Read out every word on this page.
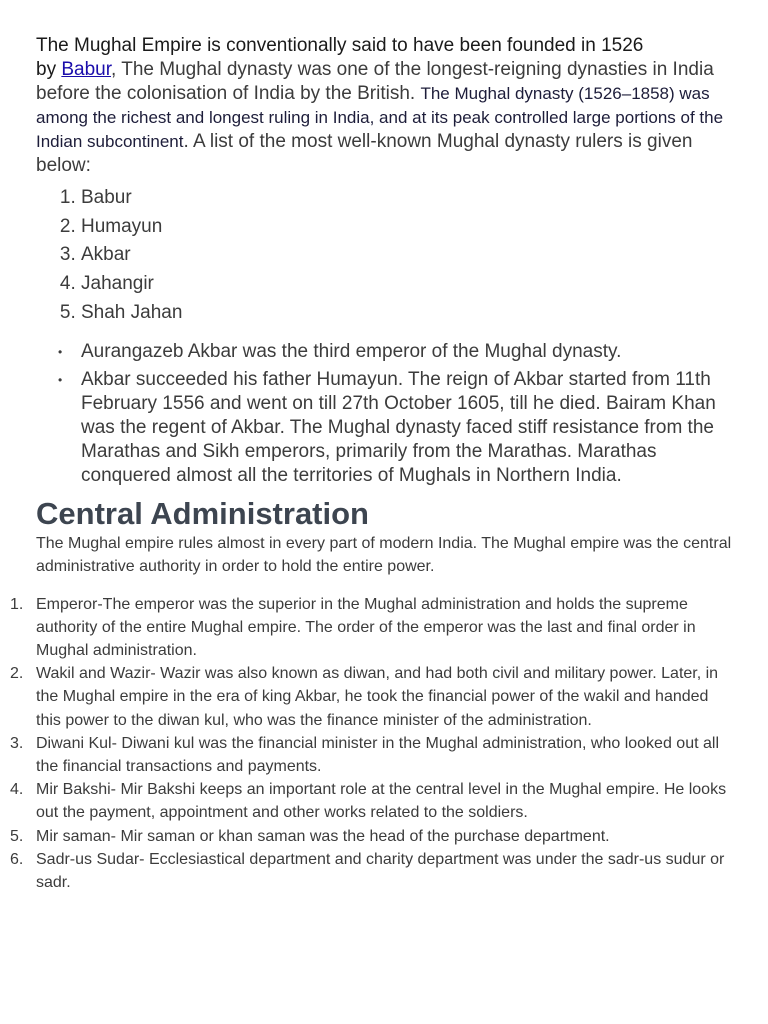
The Mughal Empire is conventionally said to have been founded in 1526
by Babur, The Mughal dynasty was one of the longest-reigning dynasties in India before the colonisation of India by the British. The Mughal dynasty (1526–1858) was among the richest and longest ruling in India, and at its peak controlled large portions of the Indian subcontinent. A list of the most well-known Mughal dynasty rulers is given below:

1. Babur
2. Humayun
3. Akbar
4. Jahangir
5. Shah Jahan
• Aurangazeb Akbar was the third emperor of the Mughal dynasty.
• Akbar succeeded his father Humayun. The reign of Akbar started from 11th February 1556 and went on till 27th October 1605, till he died. Bairam Khan was the regent of Akbar. The Mughal dynasty faced stiff resistance from the Marathas and Sikh emperors, primarily from the Marathas. Marathas conquered almost all the territories of Mughals in Northern India.
Central Administration

The Mughal empire rules almost in every part of modern India. The Mughal empire was the central administrative authority in order to hold the entire power.

1. Emperor-The emperor was the superior in the Mughal administration and holds the supreme authority of the entire Mughal empire. The order of the emperor was the last and final order in Mughal administration.
2. Wakil and Wazir- Wazir was also known as diwan, and had both civil and military power. Later, in the Mughal empire in the era of king Akbar, he took the financial power of the wakil and handed this power to the diwan kul, who was the finance minister of the administration.
3. Diwani Kul- Diwani kul was the financial minister in the Mughal administration, who looked out all the financial transactions and payments.
4. Mir Bakshi- Mir Bakshi keeps an important role at the central level in the Mughal empire. He looks out the payment, appointment and other works related to the soldiers.
5. Mir saman- Mir saman or khan saman was the head of the purchase department.
6. Sadr-us Sudar- Ecclesiastical department and charity department was under the sadr-us sudur or sadr.
